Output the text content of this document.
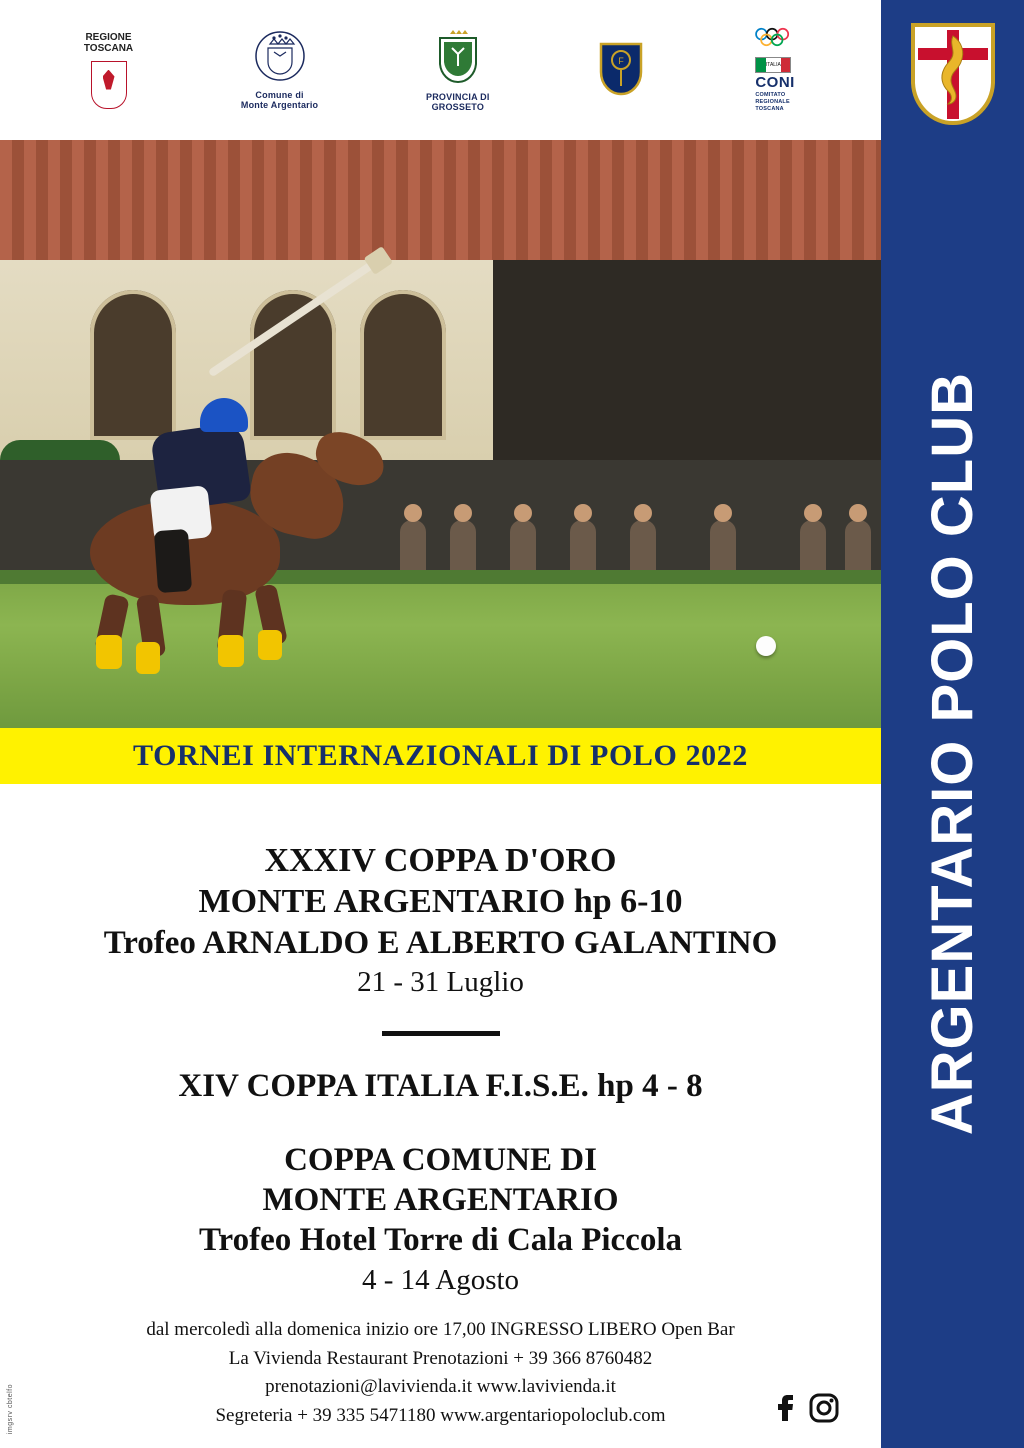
REGIONE
TOSCANA
Comune di
Monte Argentario
PROVINCIA DI
GROSSETO
F	ITALIA
CONI
COMITATO
REGIONALE
TOSCANA
TORNEI INTERNAZIONALI DI POLO 2022
XXXIV COPPA D'ORO
MONTE ARGENTARIO hp 6-10
Trofeo ARNALDO E ALBERTO GALANTINO
21 - 31 Luglio
XIV COPPA ITALIA F.I.S.E. hp 4 - 8
COPPA COMUNE DI
MONTE ARGENTARIO
Trofeo Hotel Torre di Cala Piccola
4 - 14 Agosto
dal mercoledì alla domenica inizio ore 17,00 INGRESSO LIBERO Open Bar
La Vivienda Restaurant Prenotazioni + 39 366 8760482
prenotazioni@lavivienda.it www.lavivienda.it
Segreteria + 39 335 5471180 www.argentariopoloclub.com
imgsrv cbtelfo
ARGENTARIO POLO CLUB
